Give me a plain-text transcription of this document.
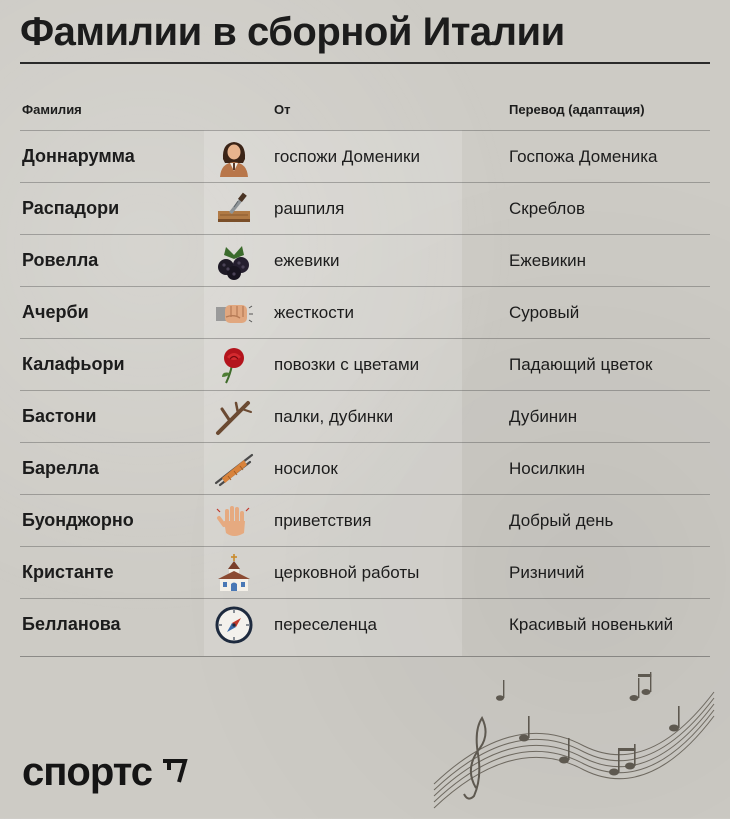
Фамилии в сборной Италии
Фамилия	От	Перевод (адаптация)
Доннарумма	госпожи Доменики	Госпожа Доменика
Распадори	рашпиля	Скреблов
Ровелла	ежевики	Ежевикин
Ачерби	жесткости	Суровый
Калафьори	повозки с цветами	Падающий цветок
Бастони	палки, дубинки	Дубинин
Барелла	носилок	Носилкин
Буонджорно	приветствия	Добрый день
Кристанте	церковной работы	Ризничий
Белланова	переселенца	Красивый новенький
спортс
